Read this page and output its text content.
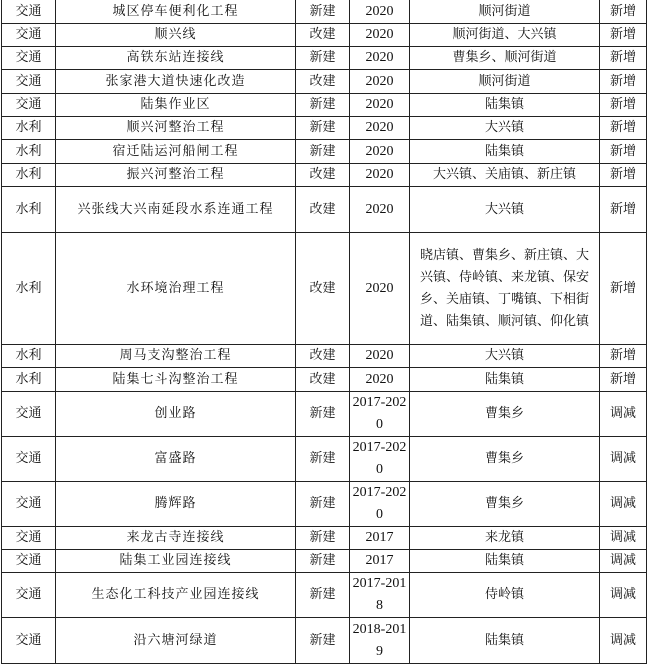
交通	城区停车便利化工程	新建	2020	顺河街道	新增
交通	顺兴线	改建	2020	顺河街道、大兴镇	新增
交通	高铁东站连接线	新建	2020	曹集乡、顺河街道	新增
交通	张家港大道快速化改造	改建	2020	顺河街道	新增
交通	陆集作业区	新建	2020	陆集镇	新增
水利	顺兴河整治工程	新建	2020	大兴镇	新增
水利	宿迁陆运河船闸工程	新建	2020	陆集镇	新增
水利	振兴河整治工程	改建	2020	大兴镇、关庙镇、新庄镇	新增
水利	兴张线大兴南延段水系连通工程	改建	2020	大兴镇	新增
水利	水环境治理工程	改建	2020	晓店镇、曹集乡、新庄镇、大兴镇、侍岭镇、来龙镇、保安乡、关庙镇、丁嘴镇、下相街道、陆集镇、顺河镇、仰化镇	新增
水利	周马支沟整治工程	改建	2020	大兴镇	新增
水利	陆集七斗沟整治工程	改建	2020	陆集镇	新增
交通	创业路	新建	2017-2020	曹集乡	调减
交通	富盛路	新建	2017-2020	曹集乡	调减
交通	腾辉路	新建	2017-2020	曹集乡	调减
交通	来龙古寺连接线	新建	2017	来龙镇	调减
交通	陆集工业园连接线	新建	2017	陆集镇	调减
交通	生态化工科技产业园连接线	新建	2017-2018	侍岭镇	调减
交通	沿六塘河绿道	新建	2018-2019	陆集镇	调减
